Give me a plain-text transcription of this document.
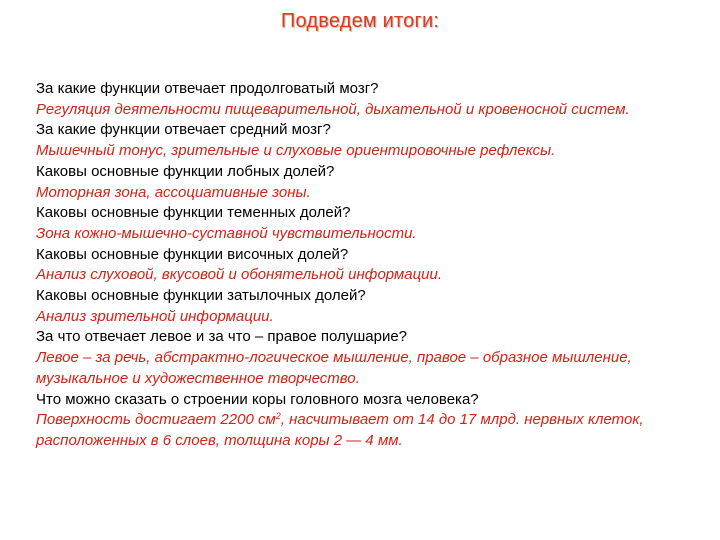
Подведем итоги:
За какие функции отвечает продолговатый мозг?
Регуляция деятельности пищеварительной, дыхательной и кровеносной систем.
За какие функции отвечает средний мозг?
Мышечный тонус, зрительные и слуховые ориентировочные рефлексы.
Каковы основные функции лобных долей?
Моторная зона, ассоциативные зоны.
Каковы основные функции теменных долей?
Зона кожно-мышечно-суставной чувствительности.
Каковы основные функции височных долей?
Анализ слуховой, вкусовой и обонятельной информации.
Каковы основные функции затылочных долей?
Анализ зрительной информации.
За что отвечает левое и за что – правое полушарие?
Левое – за речь, абстрактно-логическое мышление, правое – образное мышление, музыкальное и художественное творчество.
Что можно сказать о строении коры головного мозга человека?
Поверхность достигает 2200 $см^2$, насчитывает от 14 до 17 млрд. нервных клеток, расположенных в 6 слоев, толщина коры 2 — 4 мм.
